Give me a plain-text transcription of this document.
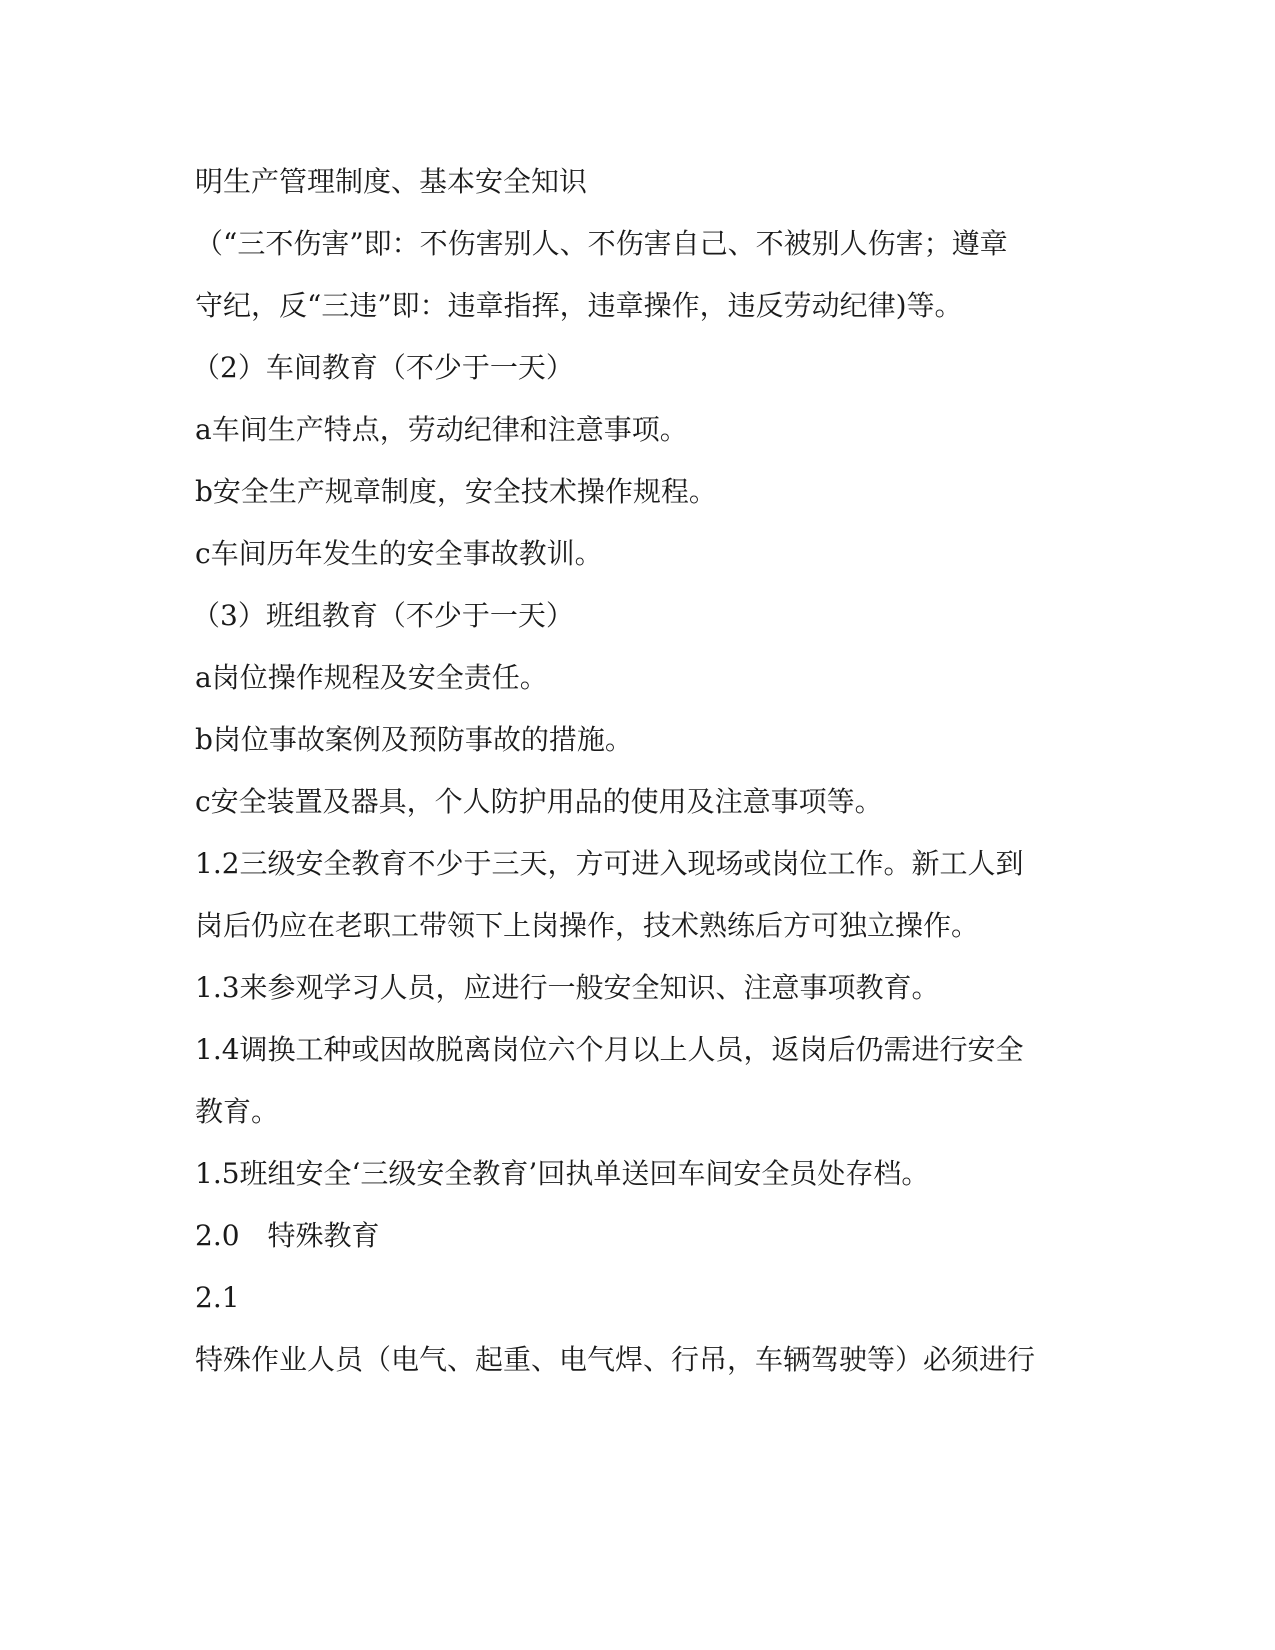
明生产管理制度、基本安全知识

（“三不伤害”即：不伤害别人、不伤害自己、不被别人伤害；遵章

守纪，反“三违”即：违章指挥，违章操作，违反劳动纪律)等。

（2）车间教育（不少于一天）

a车间生产特点，劳动纪律和注意事项。

b安全生产规章制度，安全技术操作规程。

c车间历年发生的安全事故教训。

（3）班组教育（不少于一天）

a岗位操作规程及安全责任。

b岗位事故案例及预防事故的措施。

c安全装置及器具，个人防护用品的使用及注意事项等。

1.2三级安全教育不少于三天，方可进入现场或岗位工作。新工人到

岗后仍应在老职工带领下上岗操作，技术熟练后方可独立操作。

1.3来参观学习人员，应进行一般安全知识、注意事项教育。

1.4调换工种或因故脱离岗位六个月以上人员，返岗后仍需进行安全

教育。

1.5班组安全‘三级安全教育’回执单送回车间安全员处存档。

2.0　特殊教育

2.1

特殊作业人员（电气、起重、电气焊、行吊，车辆驾驶等）必须进行
